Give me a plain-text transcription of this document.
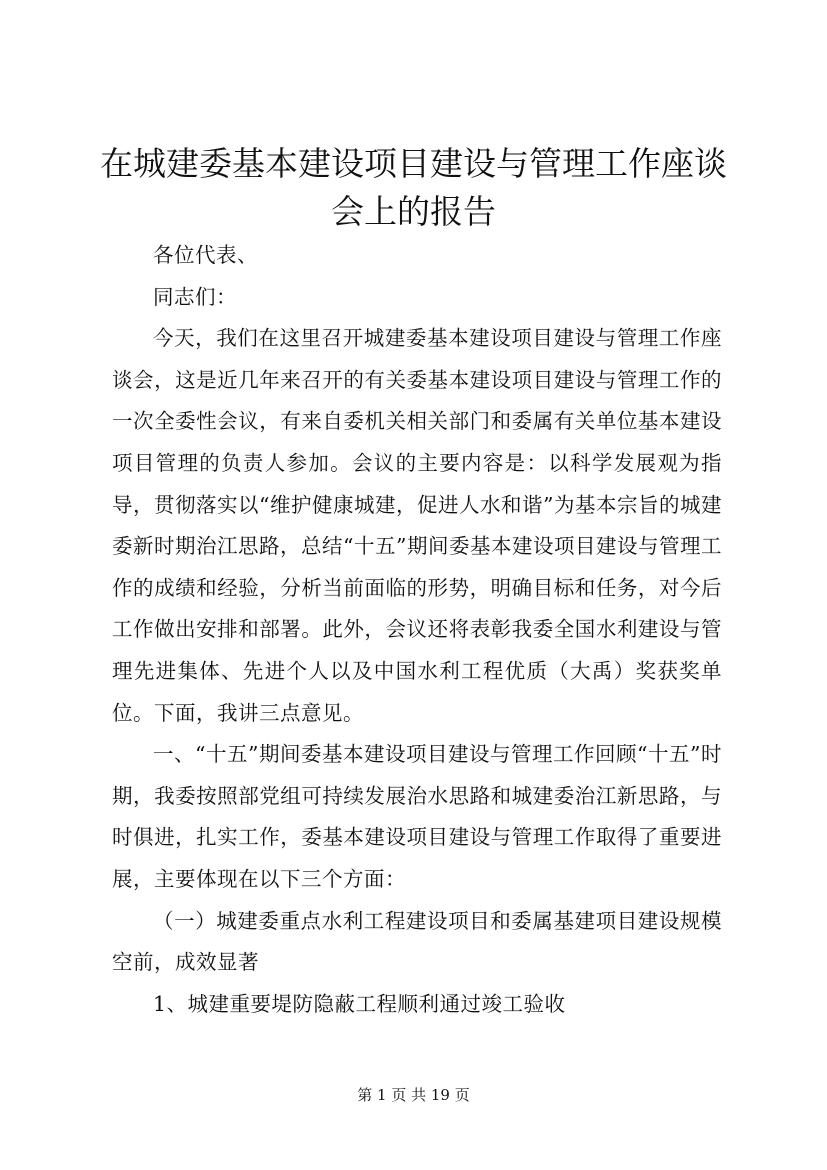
在城建委基本建设项目建设与管理工作座谈会上的报告

各位代表、

同志们：

今天，我们在这里召开城建委基本建设项目建设与管理工作座谈会，这是近几年来召开的有关委基本建设项目建设与管理工作的一次全委性会议，有来自委机关相关部门和委属有关单位基本建设项目管理的负责人参加。会议的主要内容是：以科学发展观为指导，贯彻落实以“维护健康城建，促进人水和谐”为基本宗旨的城建委新时期治江思路，总结“十五”期间委基本建设项目建设与管理工作的成绩和经验，分析当前面临的形势，明确目标和任务，对今后工作做出安排和部署。此外，会议还将表彰我委全国水利建设与管理先进集体、先进个人以及中国水利工程优质（大禹）奖获奖单位。下面，我讲三点意见。

一、“十五”期间委基本建设项目建设与管理工作回顾“十五”时期，我委按照部党组可持续发展治水思路和城建委治江新思路，与时俱进，扎实工作，委基本建设项目建设与管理工作取得了重要进展，主要体现在以下三个方面：

（一）城建委重点水利工程建设项目和委属基建项目建设规模空前，成效显著

1、城建重要堤防隐蔽工程顺利通过竣工验收

第 1 页 共 19 页
